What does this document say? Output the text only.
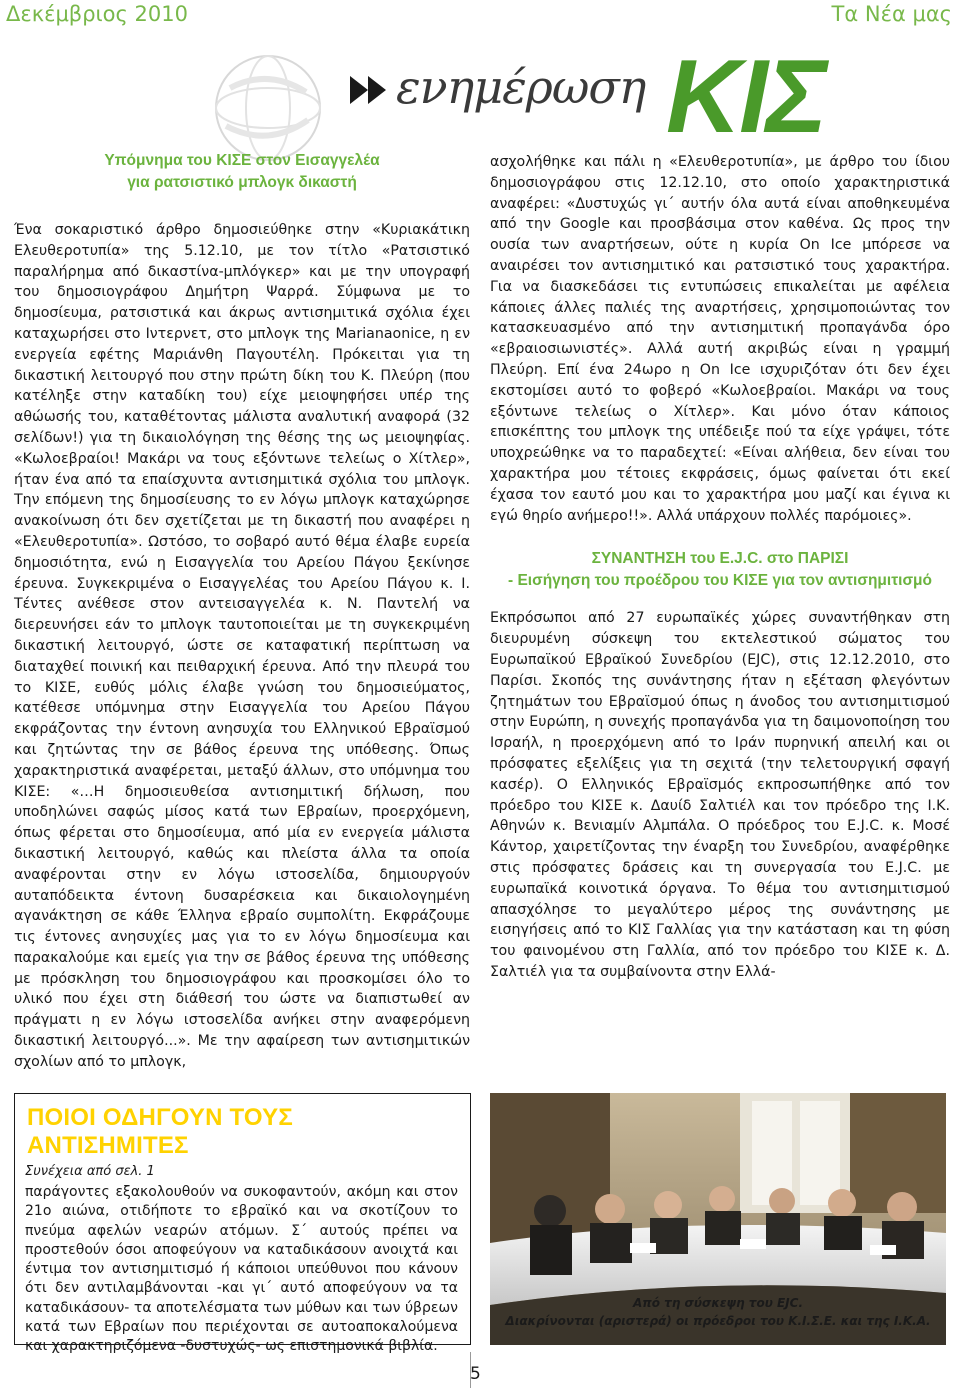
Δεκέμβριος 2010	Τα Νέα μας
ενημέρωση ΚΙΣ
Υπόμνημα του ΚΙΣΕ στον Εισαγγελέα
για ρατσιστικό μπλογκ δικαστή
Ένα σοκαριστικό άρθρο δημοσιεύθηκε στην «Κυριακάτικη Ελευθεροτυπία» της 5.12.10, με τον τίτλο «Ρατσιστικό παραλήρημα από δικαστίνα-μπλόγκερ» και με την υπογραφή του δημοσιογράφου Δημήτρη Ψαρρά. Σύμφωνα με το δημοσίευμα, ρατσιστικά και άκρως αντισημιτικά σχόλια έχει καταχωρήσει στο Ιντερνετ, στο μπλογκ της Marianaonice, η εν ενεργεία εφέτης Μαριάνθη Παγουτέλη. Πρόκειται για τη δικαστική λειτουργό που στην πρώτη δίκη του Κ. Πλεύρη (που κατέληξε στην καταδίκη του) είχε μειοψηφήσει υπέρ της αθώωσής του, καταθέτοντας μάλιστα αναλυτική αναφορά (32 σελίδων!) για τη δικαιολόγηση της θέσης της ως μειοψηφίας. «Κωλοεβραίοι! Μακάρι να τους εξόντωνε τελείως ο Χίτλερ», ήταν ένα από τα επαίσχυντα αντισημιτικά σχόλια του μπλογκ. Την επόμενη της δημοσίευσης το εν λόγω μπλογκ καταχώρησε ανακοίνωση ότι δεν σχετίζεται με τη δικαστή που αναφέρει η «Ελευθεροτυπία». Ωστόσο, το σοβαρό αυτό θέμα έλαβε ευρεία δημοσιότητα, ενώ η Εισαγγελία του Αρείου Πάγου ξεκίνησε έρευνα. Συγκεκριμένα ο Εισαγγελέας του Αρείου Πάγου κ. Ι. Τέντες ανέθεσε στον αντεισαγγελέα κ. Ν. Παντελή να διερευνήσει εάν το μπλογκ ταυτοποιείται με τη συγκεκριμένη δικαστική λειτουργό, ώστε σε καταφατική περίπτωση να διαταχθεί ποινική και πειθαρχική έρευνα. Από την πλευρά του το ΚΙΣΕ, ευθύς μόλις έλαβε γνώση του δημοσιεύματος, κατέθεσε υπόμνημα στην Εισαγγελία του Αρείου Πάγου εκφράζοντας την έντονη ανησυχία του Ελληνικού Εβραϊσμού και ζητώντας την σε βάθος έρευνα της υπόθεσης. Όπως χαρακτηριστικά αναφέρεται, μεταξύ άλλων, στο υπόμνημα του ΚΙΣΕ: «…Η δημοσιευθείσα αντισημιτική δήλωση, που υποδηλώνει σαφώς μίσος κατά των Εβραίων, προερχόμενη, όπως φέρεται στο δημοσίευμα, από μία εν ενεργεία μάλιστα δικαστική λειτουργό, καθώς και πλείστα άλλα τα οποία αναφέρονται στην εν λόγω ιστοσελίδα, δημιουργούν αυταπόδεικτα έντονη δυσαρέσκεια και δικαιολογημένη αγανάκτηση σε κάθε Έλληνα εβραίο συμπολίτη. Εκφράζουμε τις έντονες ανησυχίες μας για το εν λόγω δημοσίευμα και παρακαλούμε και εμείς για την σε βάθος έρευνα της υπόθεσης με πρόσκληση του δημοσιογράφου και προσκομίσει όλο το υλικό που έχει στη διάθεσή του ώστε να διαπιστωθεί αν πράγματι η εν λόγω ιστοσελίδα ανήκει στην αναφερόμενη δικαστική λειτουργό...». Με την αφαίρεση των αντισημιτικών σχολίων από το μπλογκ,
ασχολήθηκε και πάλι η «Ελευθεροτυπία», με άρθρο του ίδιου δημοσιογράφου στις 12.12.10, στο οποίο χαρακτηριστικά αναφέρει: «Δυστυχώς γι΄ αυτήν όλα αυτά είναι αποθηκευμένα από την Google και προσβάσιμα στον καθένα. Ως προς την ουσία των αναρτήσεων, ούτε η κυρία On Ice μπόρεσε να αναιρέσει τον αντισημιτικό και ρατσιστικό τους χαρακτήρα. Για να διασκεδάσει τις εντυπώσεις επικαλείται με αφέλεια κάποιες άλλες παλιές της αναρτήσεις, χρησιμοποιώντας τον κατασκευασμένο από την αντισημιτική προπαγάνδα όρο «εβραιοσιωνιστές». Αλλά αυτή ακριβώς είναι η γραμμή Πλεύρη. Επί ένα 24ωρο η On Ice ισχυριζόταν ότι δεν έχει εκστομίσει αυτό το φοβερό «Κωλοεβραίοι. Μακάρι να τους εξόντωνε τελείως ο Χίτλερ». Και μόνο όταν κάποιος επισκέπτης του μπλογκ της υπέδειξε πού τα είχε γράψει, τότε υποχρεώθηκε να το παραδεχτεί: «Είναι αλήθεια, δεν είναι του χαρακτήρα μου τέτοιες εκφράσεις, όμως φαίνεται ότι εκεί έχασα τον εαυτό μου και το χαρακτήρα μου μαζί και έγινα κι εγώ θηρίο ανήμερο!!». Αλλά υπάρχουν πολλές παρόμοιες».
ΣΥΝΑΝΤΗΣΗ του E.J.C. στο ΠΑΡΙΣΙ
- Εισήγηση του προέδρου του ΚΙΣΕ για τον αντισημιτισμό
Εκπρόσωποι από 27 ευρωπαϊκές χώρες συναντήθηκαν στη διευρυμένη σύσκεψη του εκτελεστικού σώματος του Ευρωπαϊκού Εβραϊκού Συνεδρίου (EJC), στις 12.12.2010, στο Παρίσι. Σκοπός της συνάντησης ήταν η εξέταση φλεγόντων ζητημάτων του Εβραϊσμού όπως η άνοδος του αντισημιτισμού στην Ευρώπη, η συνεχής προπαγάνδα για τη δαιμονοποίηση του Ισραήλ, η προερχόμενη από το Ιράν πυρηνική απειλή και οι πρόσφατες εξελίξεις για τη σεχιτά (την τελετουργική σφαγή κασέρ). Ο Ελληνικός Εβραϊσμός εκπροσωπήθηκε από τον πρόεδρο του ΚΙΣΕ κ. Δαυίδ Σαλτιέλ και τον πρόεδρο της Ι.Κ. Αθηνών κ. Βενιαμίν Αλμπάλα. Ο πρόεδρος του E.J.C. κ. Μοσέ Κάντορ, χαιρετίζοντας την έναρξη του Συνεδρίου, αναφέρθηκε στις πρόσφατες δράσεις και τη συνεργασία του E.J.C. με ευρωπαϊκά κοινοτικά όργανα. Το θέμα του αντισημιτισμού απασχόλησε το μεγαλύτερο μέρος της συνάντησης με εισηγήσεις από το ΚΙΣ Γαλλίας για την κατάσταση και τη φύση του φαινομένου στη Γαλλία, από τον πρόεδρο του ΚΙΣΕ κ. Δ. Σαλτιέλ για τα συμβαίνοντα στην Ελλά-
ΠΟΙΟΙ ΟΔΗΓΟΥΝ ΤΟΥΣ ΑΝΤΙΣΗΜΙΤΕΣ
Συνέχεια από σελ. 1
παράγοντες εξακολουθούν να συκοφαντούν, ακόμη και στον 21ο αιώνα, οτιδήποτε το εβραϊκό και να σκοτίζουν το πνεύμα αφελών νεαρών ατόμων. Σ΄ αυτούς πρέπει να προστεθούν όσοι αποφεύγουν να καταδικάσουν ανοιχτά και έντιμα τον αντισημιτισμό ή κάποιοι υπεύθυνοι που κάνουν ότι δεν αντιλαμβάνονται -και γι΄ αυτό αποφεύγουν να τα καταδικάσουν- τα αποτελέσματα των μύθων και των ύβρεων κατά των Εβραίων που περιέχονται σε αυτοαποκαλούμενα και χαρακτηριζόμενα -δυστυχώς- ως επιστημονικά βιβλία.
Από τη σύσκεψη του EJC.
Διακρίνονται (αριστερά) οι πρόεδροι του Κ.Ι.Σ.Ε. και της Ι.Κ.Α.
5
